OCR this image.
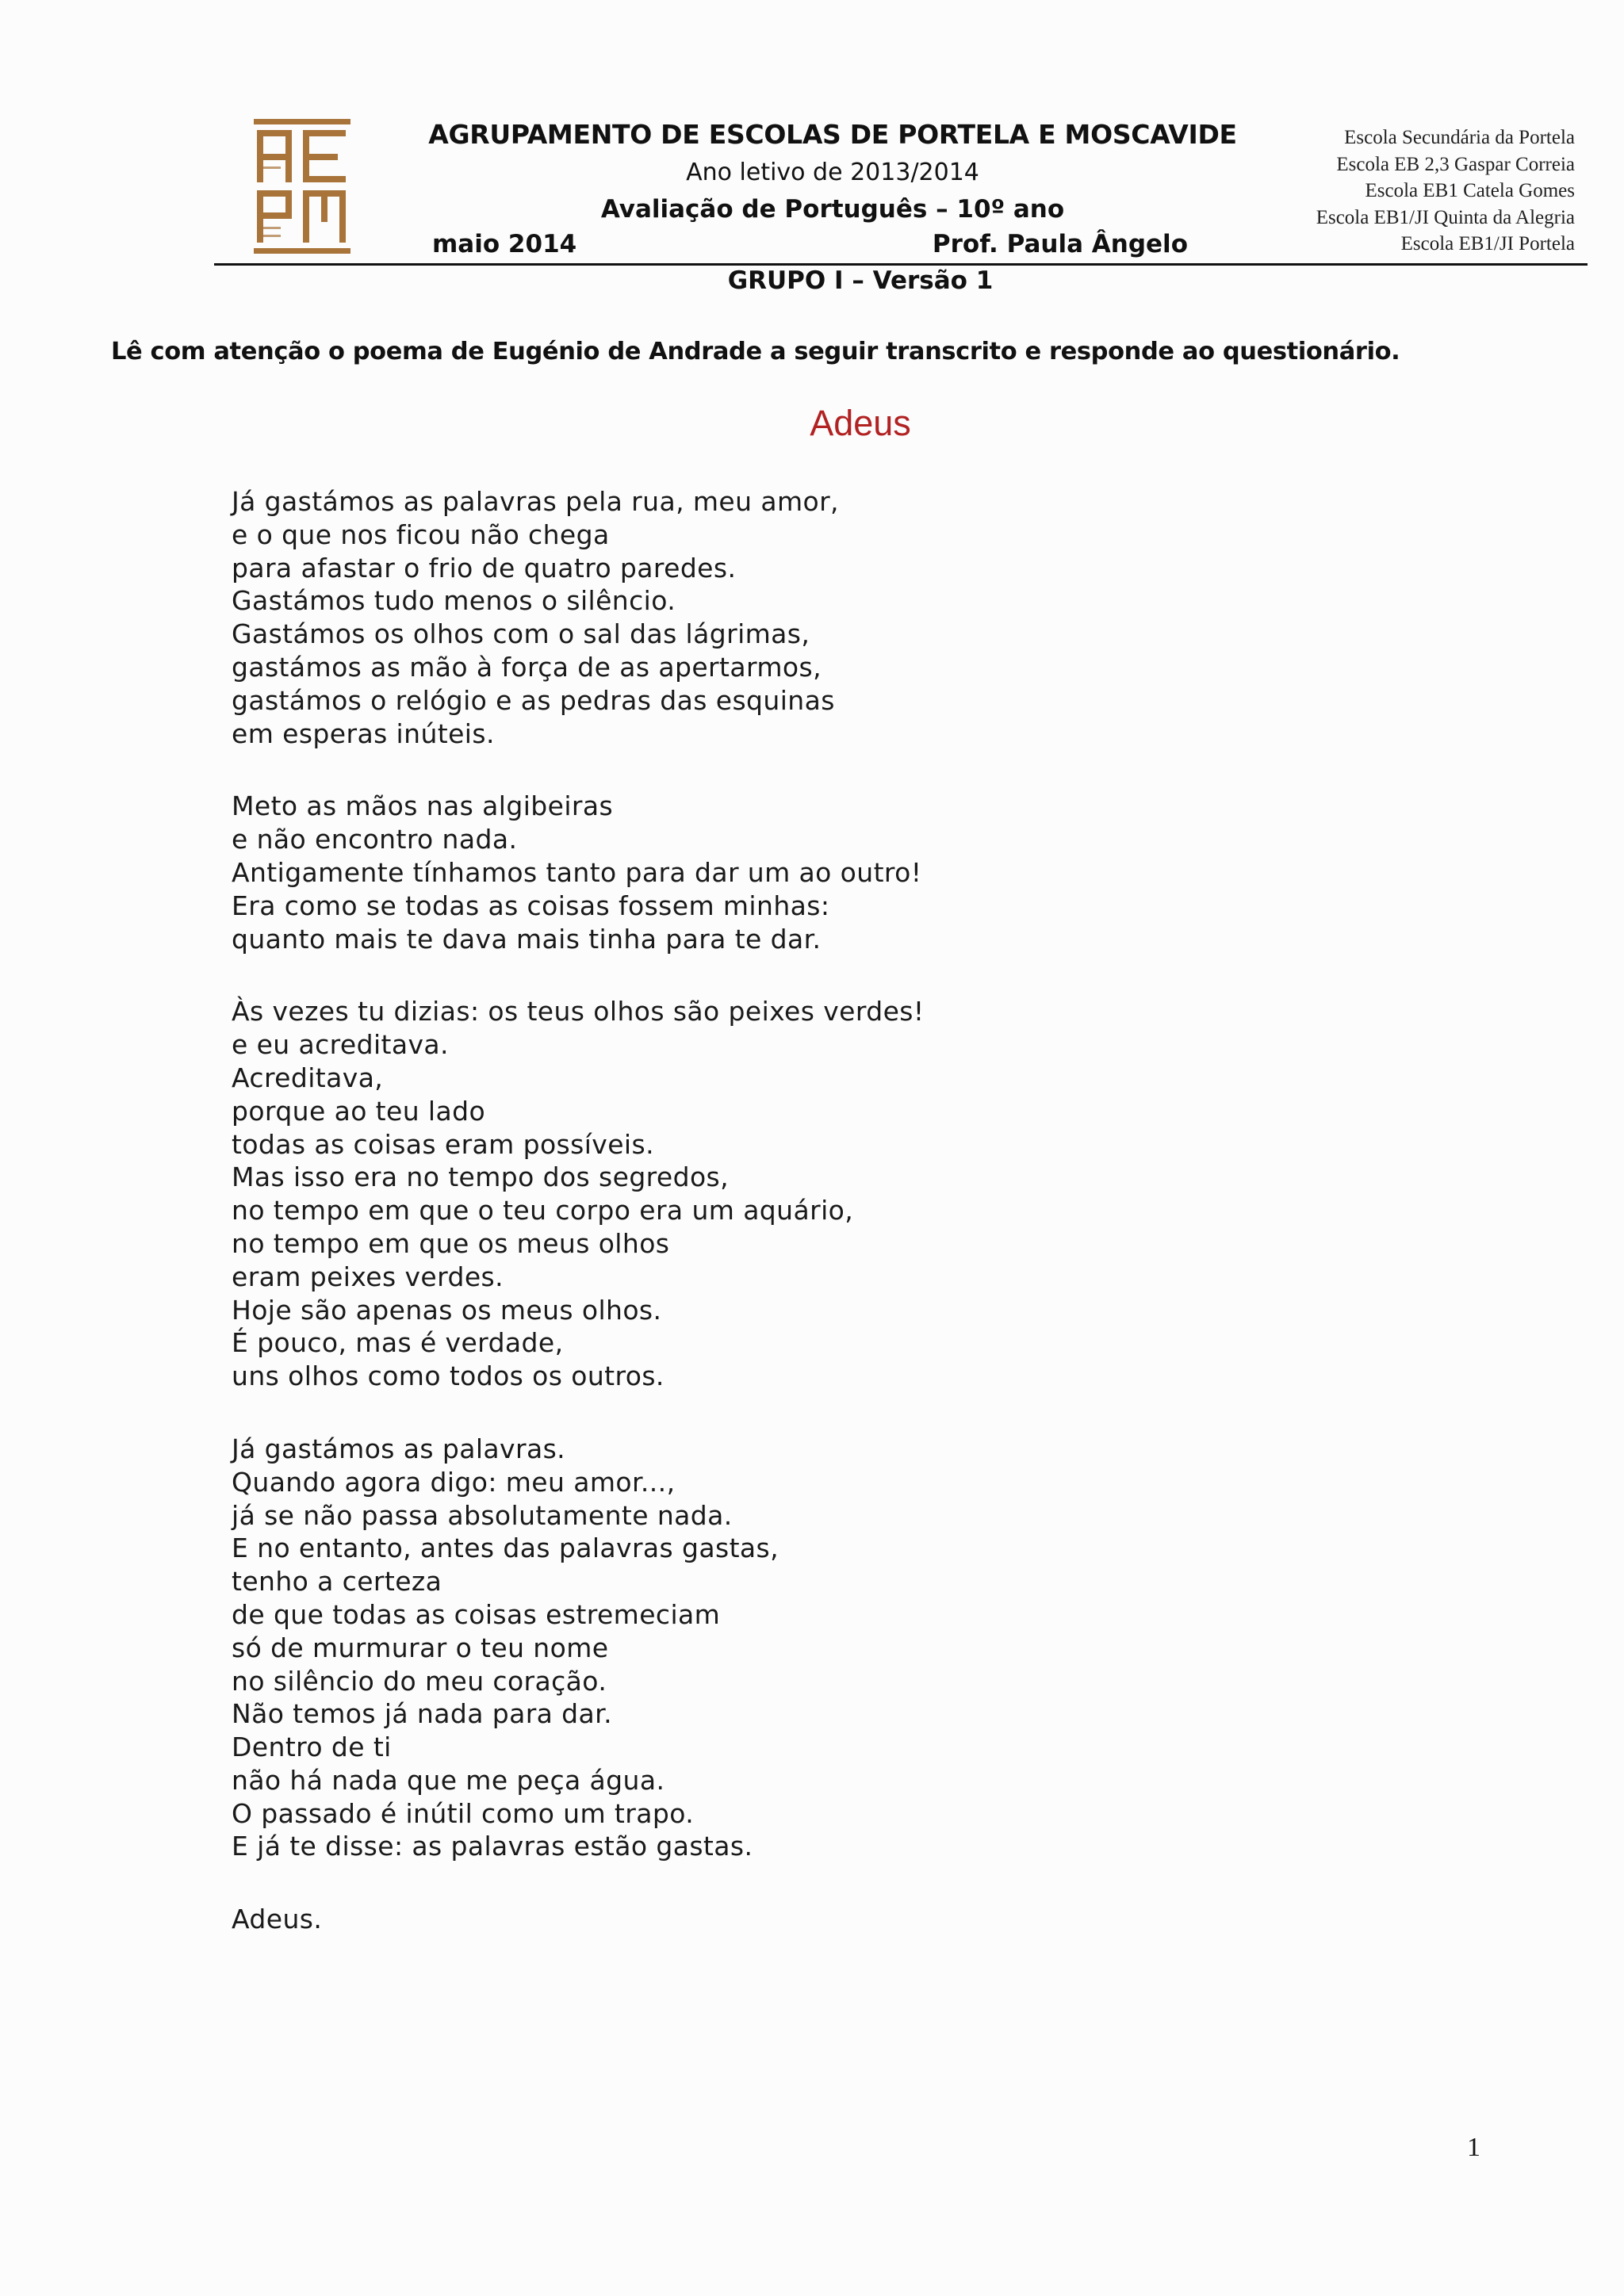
AGRUPAMENTO DE ESCOLAS DE PORTELA E MOSCAVIDE
Ano letivo de 2013/2014
Avaliação de Português – 10º ano
maio 2014	Prof. Paula Ângelo
Escola Secundária da Portela
Escola EB 2,3 Gaspar Correia
Escola EB1 Catela Gomes
Escola EB1/JI Quinta da Alegria
Escola EB1/JI Portela
GRUPO I – Versão 1
Lê com atenção o poema de Eugénio de Andrade a seguir transcrito e responde ao questionário.
Adeus
Já gastámos as palavras pela rua, meu amor,
e o que nos ficou não chega
para afastar o frio de quatro paredes.
Gastámos tudo menos o silêncio.
Gastámos os olhos com o sal das lágrimas,
gastámos as mão à força de as apertarmos,
gastámos o relógio e as pedras das esquinas
em esperas inúteis.
Meto as mãos nas algibeiras
e não encontro nada.
Antigamente tínhamos tanto para dar um ao outro!
Era como se todas as coisas fossem minhas:
quanto mais te dava mais tinha para te dar.
Às vezes tu dizias: os teus olhos são peixes verdes!
e eu acreditava.
Acreditava,
porque ao teu lado
todas as coisas eram possíveis.
Mas isso era no tempo dos segredos,
no tempo em que o teu corpo era um aquário,
no tempo em que os meus olhos
eram peixes verdes.
Hoje são apenas os meus olhos.
É pouco, mas é verdade,
uns olhos como todos os outros.
Já gastámos as palavras.
Quando agora digo: meu amor...,
já se não passa absolutamente nada.
E no entanto, antes das palavras gastas,
tenho a certeza
de que todas as coisas estremeciam
só de murmurar o teu nome
no silêncio do meu coração.
Não temos já nada para dar.
Dentro de ti
não há nada que me peça água.
O passado é inútil como um trapo.
E já te disse: as palavras estão gastas.
Adeus.
1
